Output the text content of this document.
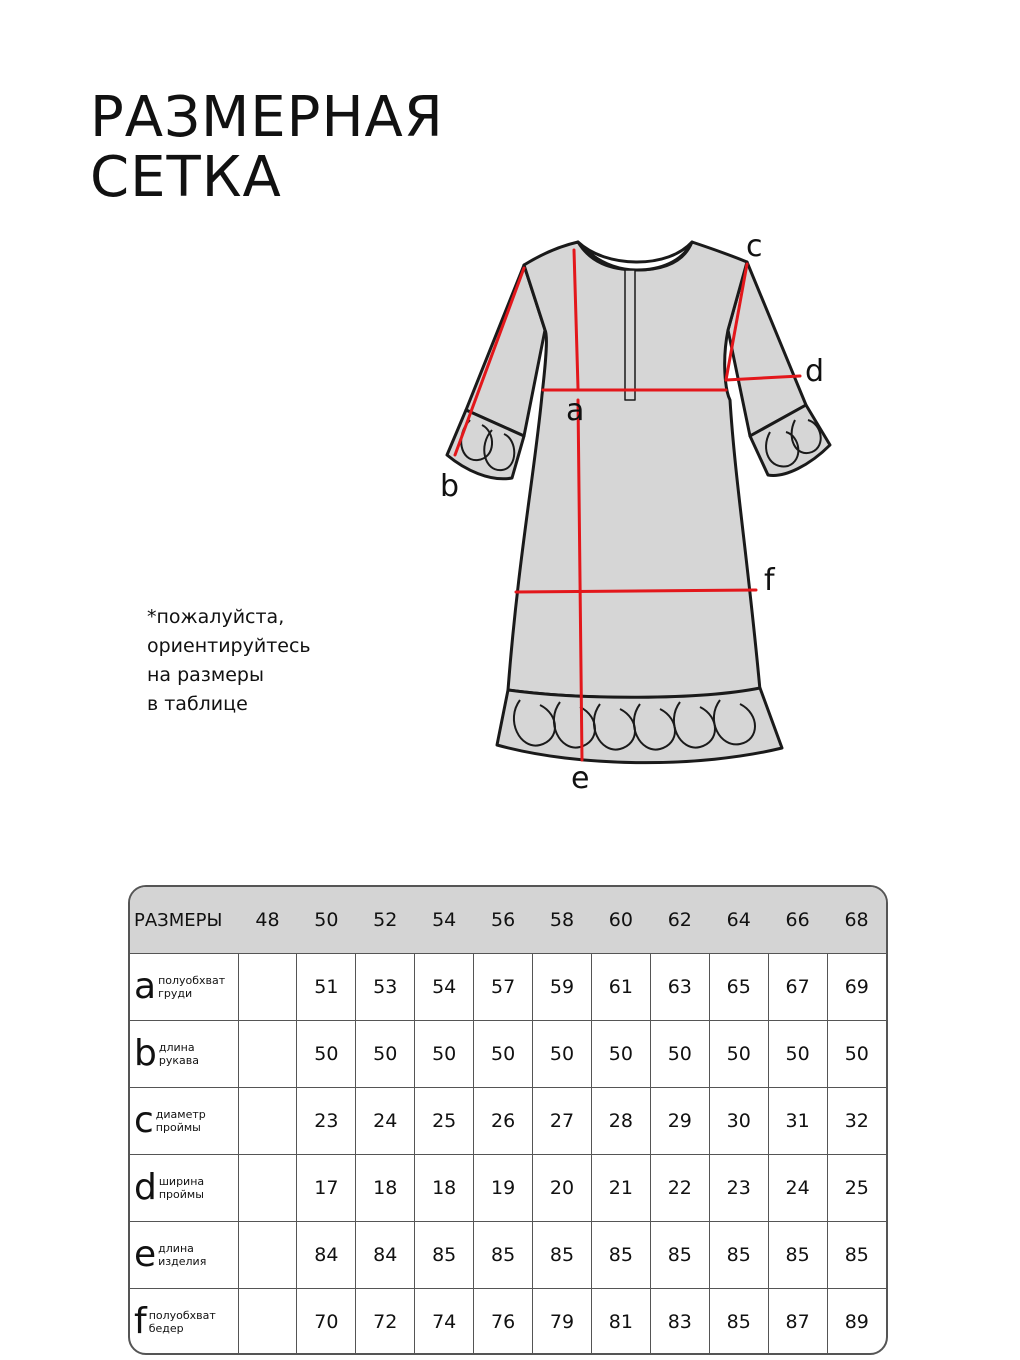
РАЗМЕРНАЯ
СЕТКА
a
b
c
d
e
f
*пожалуйста,
ориентируйтесь
на размеры
в таблице
РАЗМЕРЫ	48	50	52	54	56	58	60	62	64	66	68

a полуобхват
груди		51	53	54	57	59	61	63	65	67	69

b длина
рукава		50	50	50	50	50	50	50	50	50	50

c диаметр
проймы		23	24	25	26	27	28	29	30	31	32

d ширина
проймы		17	18	18	19	20	21	22	23	24	25

e длина
изделия		84	84	85	85	85	85	85	85	85	85

f полуобхват
бедер		70	72	74	76	79	81	83	85	87	89
